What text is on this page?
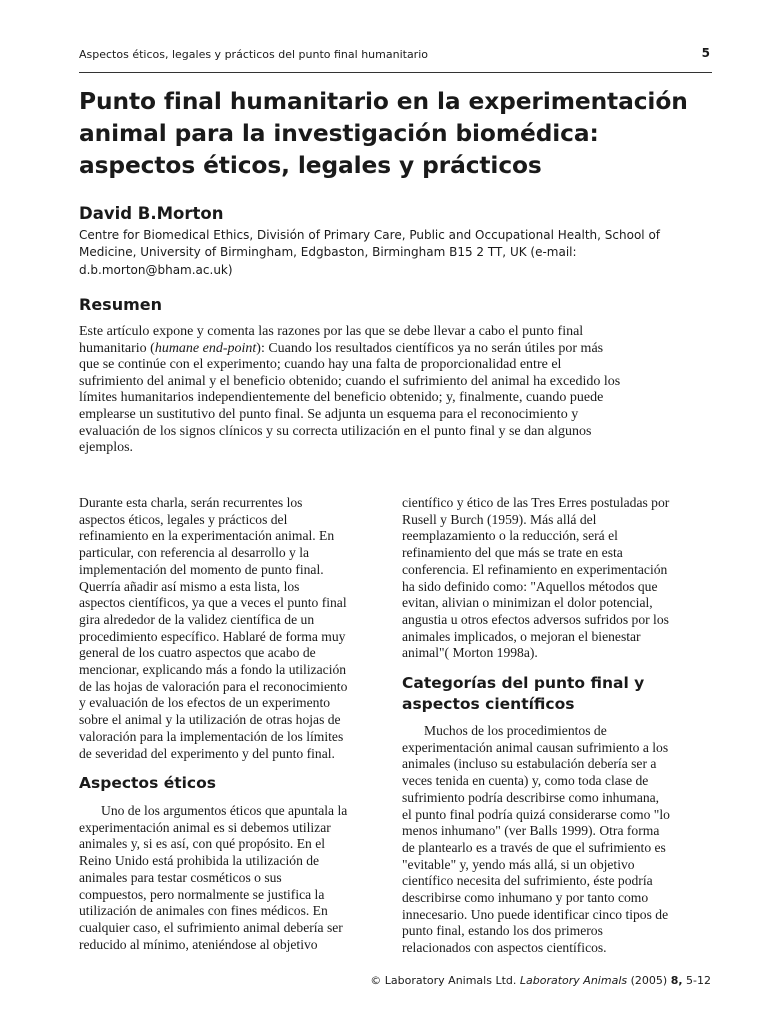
Aspectos éticos, legales y prácticos del punto final humanitario	5
Punto final humanitario en la experimentación
animal para la investigación biomédica:
aspectos éticos, legales y prácticos
David B.Morton
Centre for Biomedical Ethics, División of Primary Care, Public and Occupational Health, School of
Medicine, University of Birmingham, Edgbaston, Birmingham B15 2 TT, UK (e-mail:
d.b.morton@bham.ac.uk)
Resumen
Este artículo expone y comenta las razones por las que se debe llevar a cabo el punto final
humanitario (humane end-point): Cuando los resultados científicos ya no serán útiles por más
que se continúe con el experimento; cuando hay una falta de proporcionalidad entre el
sufrimiento del animal y el beneficio obtenido; cuando el sufrimiento del animal ha excedido los
límites humanitarios independientemente del beneficio obtenido; y, finalmente, cuando puede
emplearse un sustitutivo del punto final. Se adjunta un esquema para el reconocimiento y
evaluación de los signos clínicos y su correcta utilización en el punto final y se dan algunos
ejemplos.
Durante esta charla, serán recurrentes los
aspectos éticos, legales y prácticos del
refinamiento en la experimentación animal. En
particular, con referencia al desarrollo y la
implementación del momento de punto final.
Querría añadir así mismo a esta lista, los
aspectos científicos, ya que a veces el punto final
gira alrededor de la validez científica de un
procedimiento específico. Hablaré de forma muy
general de los cuatro aspectos que acabo de
mencionar, explicando más a fondo la utilización
de las hojas de valoración para el reconocimiento
y evaluación de los efectos de un experimento
sobre el animal y la utilización de otras hojas de
valoración para la implementación de los límites
de severidad del experimento y del punto final.
Aspectos éticos
Uno de los argumentos éticos que apuntala la
experimentación animal es si debemos utilizar
animales y, si es así, con qué propósito. En el
Reino Unido está prohibida la utilización de
animales para testar cosméticos o sus
compuestos, pero normalmente se justifica la
utilización de animales con fines médicos. En
cualquier caso, el sufrimiento animal debería ser
reducido al mínimo, ateniéndose al objetivo
científico y ético de las Tres Erres postuladas por
Rusell y Burch (1959). Más allá del
reemplazamiento o la reducción, será el
refinamiento del que más se trate en esta
conferencia. El refinamiento en experimentación
ha sido definido como: "Aquellos métodos que
evitan, alivian o minimizan el dolor potencial,
angustia u otros efectos adversos sufridos por los
animales implicados, o mejoran el bienestar
animal"( Morton 1998a).
Categorías del punto final y
aspectos científicos
Muchos de los procedimientos de
experimentación animal causan sufrimiento a los
animales (incluso su estabulación debería ser a
veces tenida en cuenta) y, como toda clase de
sufrimiento podría describirse como inhumana,
el punto final podría quizá considerarse como "lo
menos inhumano" (ver Balls 1999). Otra forma
de plantearlo es a través de que el sufrimiento es
"evitable" y, yendo más allá, si un objetivo
científico necesita del sufrimiento, éste podría
describirse como inhumano y por tanto como
innecesario. Uno puede identificar cinco tipos de
punto final, estando los dos primeros
relacionados con aspectos científicos.
© Laboratory Animals Ltd. Laboratory Animals (2005) 8, 5-12
